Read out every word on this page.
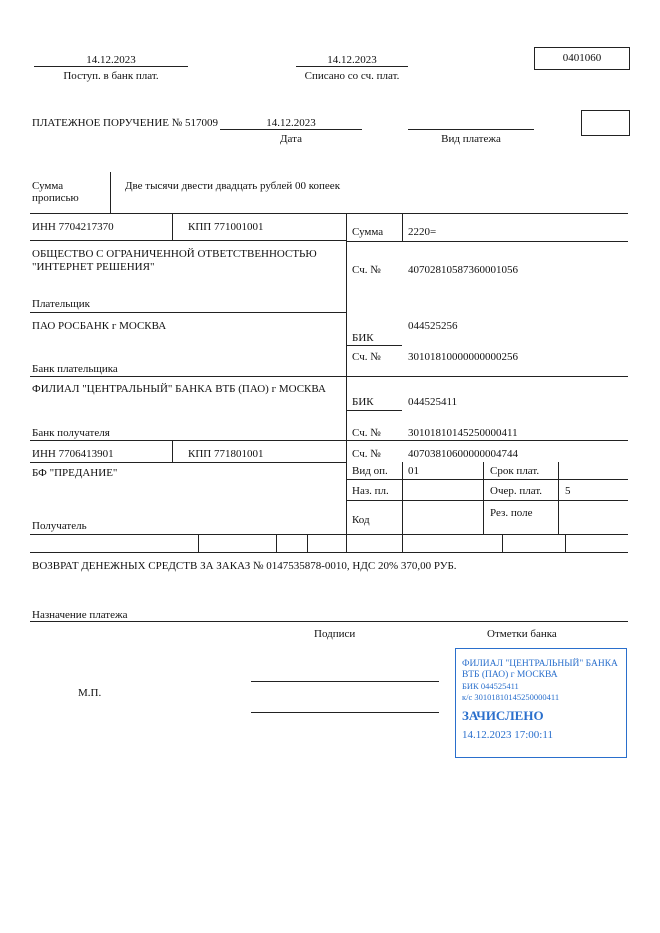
14.12.2023
Поступ. в банк плат.
14.12.2023
Списано со сч. плат.
0401060
ПЛАТЕЖНОЕ ПОРУЧЕНИЕ № 517009	14.12.2023
Дата	Вид платежа
Сумма
прописью
Две тысячи двести двадцать рублей 00 копеек
ИНН 7704217370	КПП 771001001	Сумма 2220=
ОБЩЕСТВО С ОГРАНИЧЕННОЙ ОТВЕТСТВЕННОСТЬЮ
"ИНТЕРНЕТ РЕШЕНИЯ"	Сч. № 40702810587360001056
Плательщик
ПАО РОСБАНК г МОСКВА	044525256
БИК
Сч. № 30101810000000000256
Банк плательщика
ФИЛИАЛ "ЦЕНТРАЛЬНЫЙ" БАНКА ВТБ (ПАО) г МОСКВА
БИК	044525411
Сч. № 30101810145250000411
Банк получателя
ИНН 7706413901	КПП 771801001	Сч. № 40703810600000004744
БФ "ПРЕДАНИЕ"
Получатель
Вид оп. 01	Срок плат.
Наз. пл.	Очер. плат. 5
Рез. поле
Код
ВОЗВРАТ ДЕНЕЖНЫХ СРЕДСТВ ЗА ЗАКАЗ № 0147535878-0010, НДС 20% 370,00 РУБ.
Назначение платежа
Подписи	Отметки банка
М.П.
ФИЛИАЛ "ЦЕНТРАЛЬНЫЙ" БАНКА
ВТБ (ПАО) г МОСКВА
БИК 044525411
к/с 30101810145250000411
ЗАЧИСЛЕНО
14.12.2023 17:00:11
